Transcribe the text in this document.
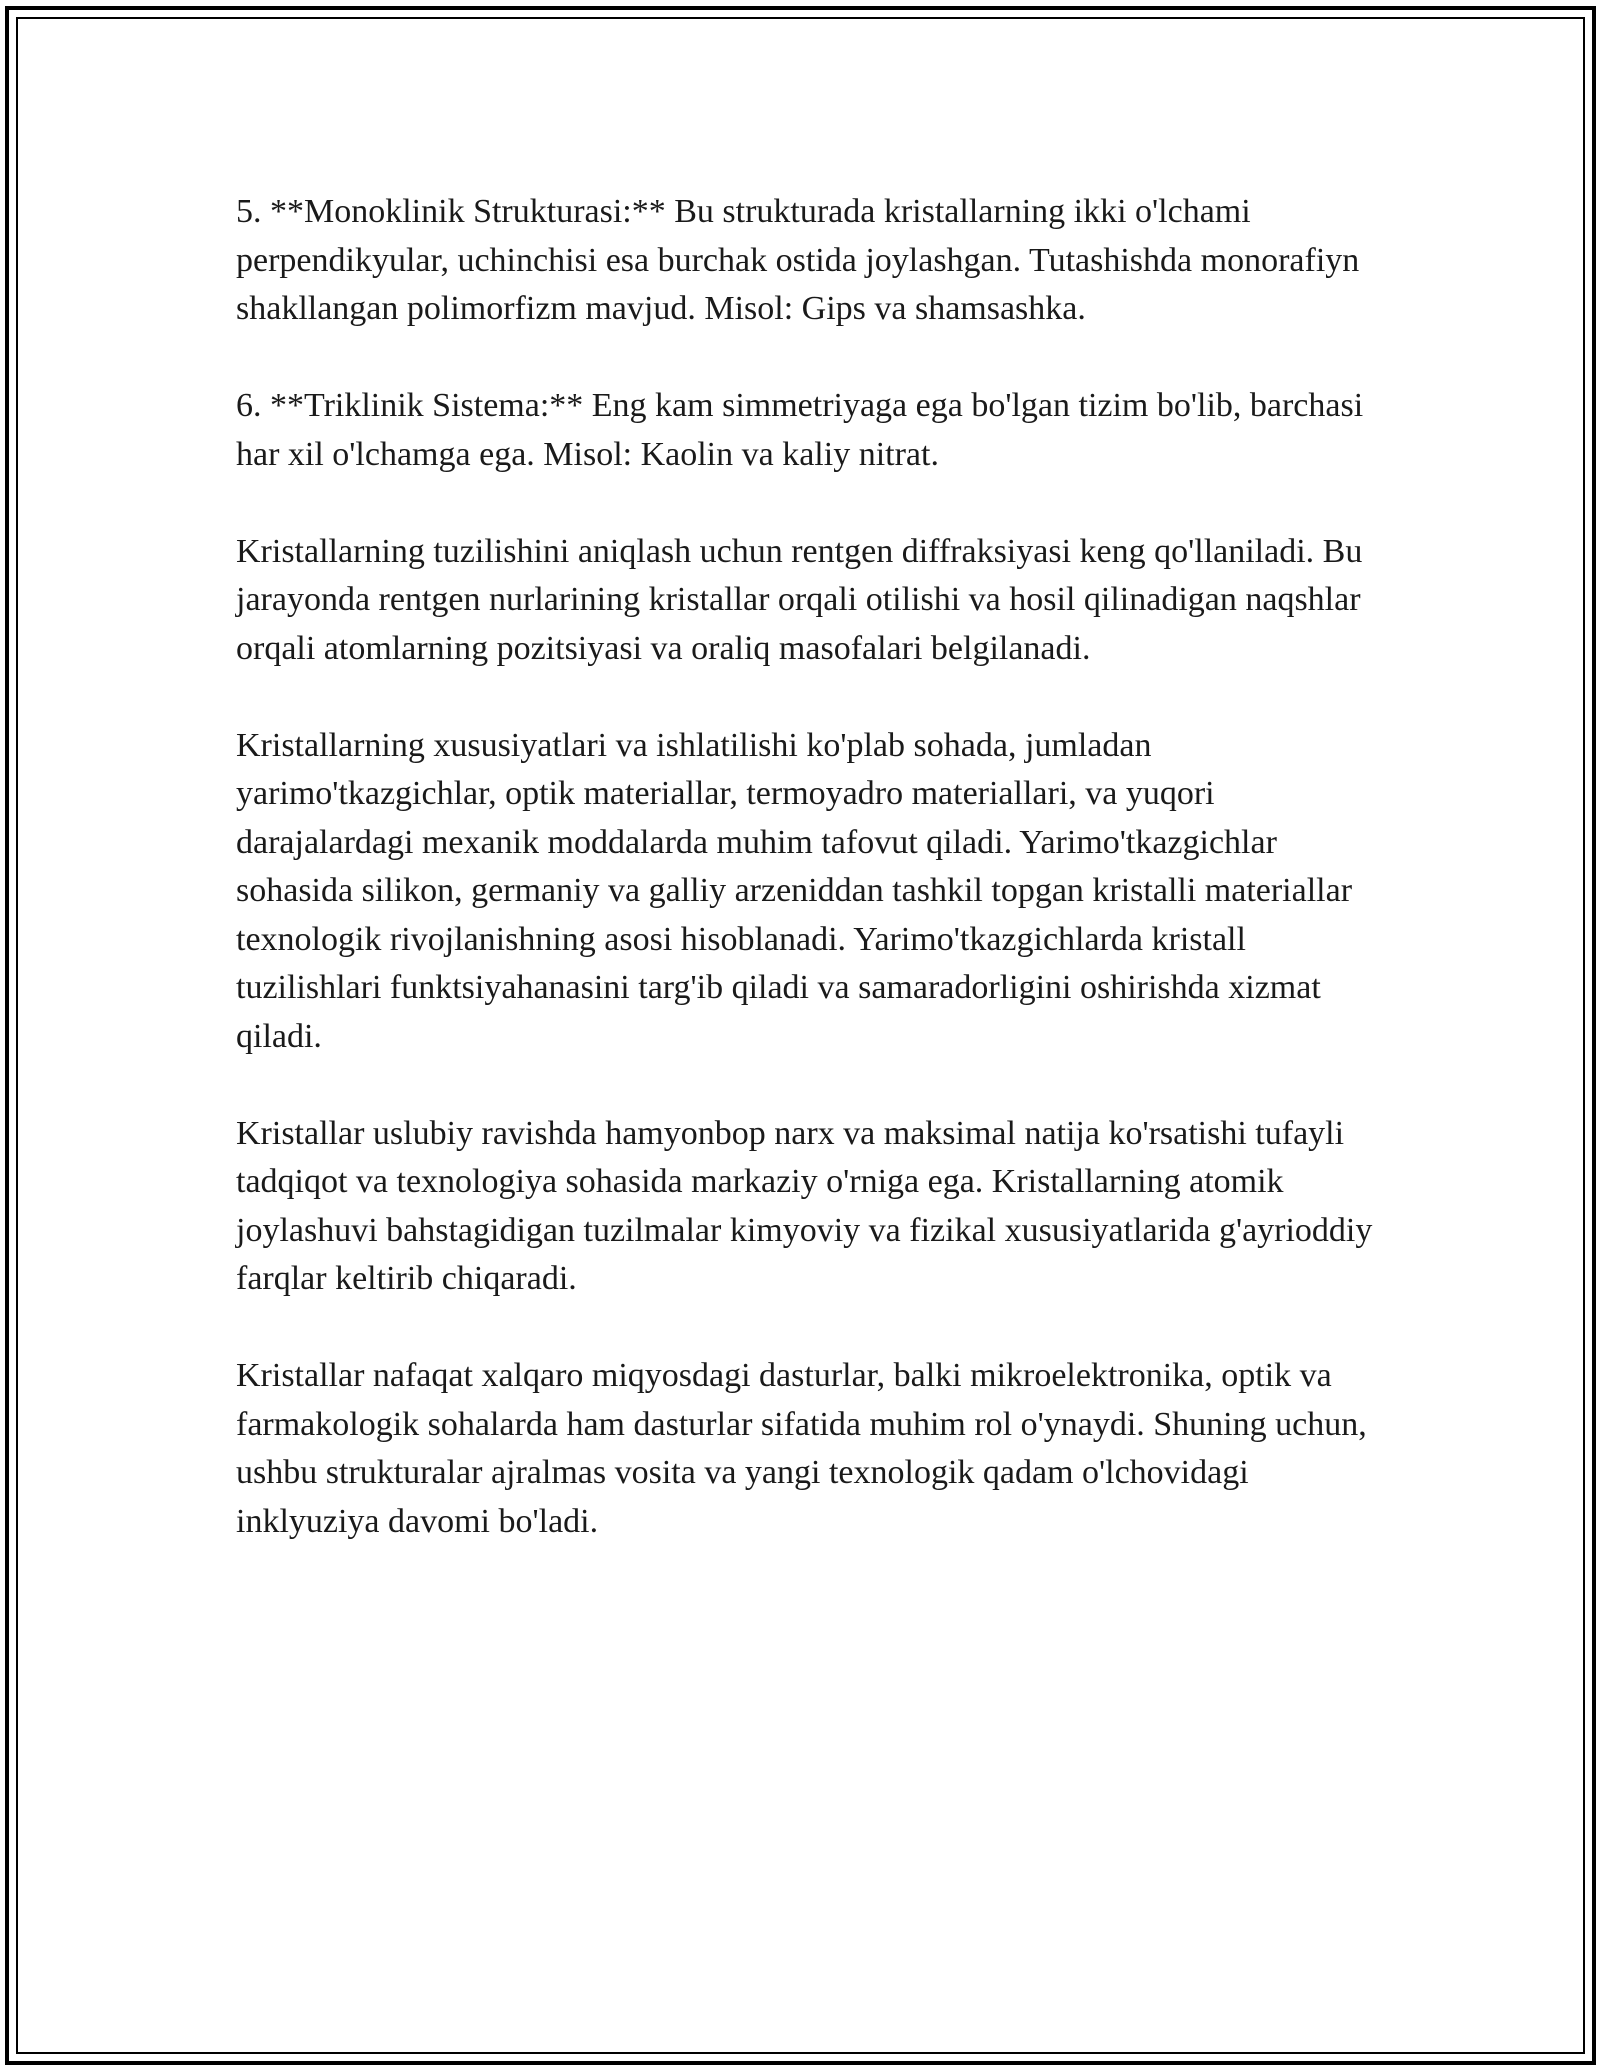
5. **Monoklinik Strukturasi:** Bu strukturada kristallarning ikki o'lchami perpendikyular, uchinchisi esa burchak ostida joylashgan. Tutashishda monorafiyn shakllangan polimorfizm mavjud. Misol: Gips va shamsashka.

6. **Triklinik Sistema:** Eng kam simmetriyaga ega bo'lgan tizim bo'lib, barchasi har xil o'lchamga ega. Misol: Kaolin va kaliy nitrat.

Kristallarning tuzilishini aniqlash uchun rentgen diffraksiyasi keng qo'llaniladi. Bu jarayonda rentgen nurlarining kristallar orqali otilishi va hosil qilinadigan naqshlar orqali atomlarning pozitsiyasi va oraliq masofalari belgilanadi.

Kristallarning xususiyatlari va ishlatilishi ko'plab sohada, jumladan yarimo'tkazgichlar, optik materiallar, termoyadro materiallari, va yuqori darajalardagi mexanik moddalarda muhim tafovut qiladi. Yarimo'tkazgichlar sohasida silikon, germaniy va galliy arzeniddan tashkil topgan kristalli materiallar texnologik rivojlanishning asosi hisoblanadi. Yarimo'tkazgichlarda kristall tuzilishlari funktsiyahanasini targ'ib qiladi va samaradorligini oshirishda xizmat qiladi.

Kristallar uslubiy ravishda hamyonbop narx va maksimal natija ko'rsatishi tufayli tadqiqot va texnologiya sohasida markaziy o'rniga ega. Kristallarning atomik joylashuvi bahstagidigan tuzilmalar kimyoviy va fizikal xususiyatlarida g'ayrioddiy farqlar keltirib chiqaradi.

Kristallar nafaqat xalqaro miqyosdagi dasturlar, balki mikroelektronika, optik va farmakologik sohalarda ham dasturlar sifatida muhim rol o'ynaydi. Shuning uchun, ushbu strukturalar ajralmas vosita va yangi texnologik qadam o'lchovidagi inklyuziya davomi bo'ladi.
